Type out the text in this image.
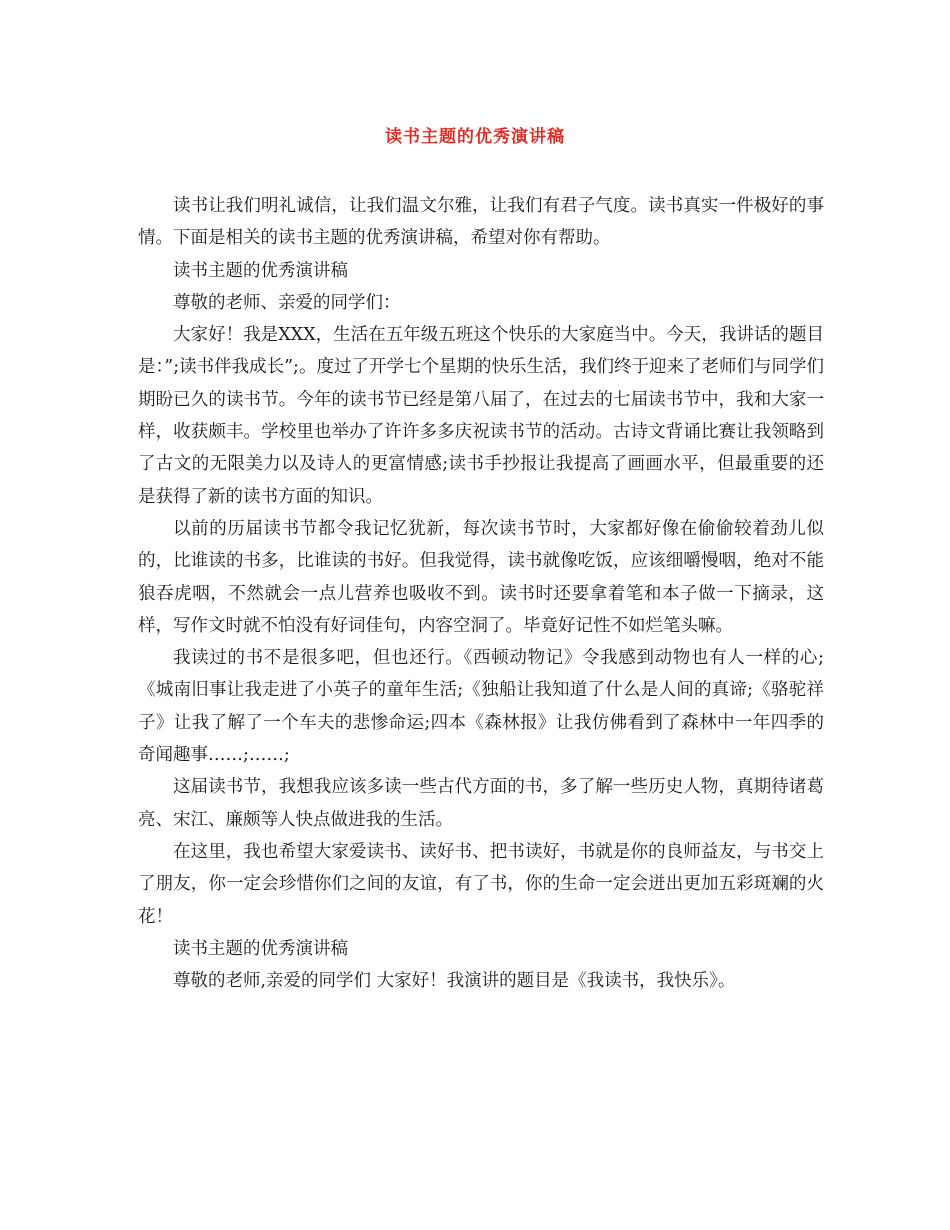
读书主题的优秀演讲稿

读书让我们明礼诚信，让我们温文尔雅，让我们有君子气度。读书真实一件极好的事情。下面是相关的读书主题的优秀演讲稿，希望对你有帮助。

读书主题的优秀演讲稿

尊敬的老师、亲爱的同学们：

大家好！我是XXX，生活在五年级五班这个快乐的大家庭当中。今天，我讲话的题目是：”;读书伴我成长”;。度过了开学七个星期的快乐生活，我们终于迎来了老师们与同学们期盼已久的读书节。今年的读书节已经是第八届了，在过去的七届读书节中，我和大家一样，收获颇丰。学校里也举办了许许多多庆祝读书节的活动。古诗文背诵比赛让我领略到了古文的无限美力以及诗人的更富情感;读书手抄报让我提高了画画水平，但最重要的还是获得了新的读书方面的知识。

以前的历届读书节都令我记忆犹新，每次读书节时，大家都好像在偷偷较着劲儿似的，比谁读的书多，比谁读的书好。但我觉得，读书就像吃饭，应该细嚼慢咽，绝对不能狼吞虎咽，不然就会一点儿营养也吸收不到。读书时还要拿着笔和本子做一下摘录，这样，写作文时就不怕没有好词佳句，内容空洞了。毕竟好记性不如烂笔头嘛。

我读过的书不是很多吧，但也还行。《西顿动物记》令我感到动物也有人一样的心;《城南旧事让我走进了小英子的童年生活;《独船让我知道了什么是人间的真谛;《骆驼祥子》让我了解了一个车夫的悲惨命运;四本《森林报》让我仿佛看到了森林中一年四季的奇闻趣事……;……;

这届读书节，我想我应该多读一些古代方面的书，多了解一些历史人物，真期待诸葛亮、宋江、廉颇等人快点做进我的生活。

在这里，我也希望大家爱读书、读好书、把书读好，书就是你的良师益友，与书交上了朋友，你一定会珍惜你们之间的友谊，有了书，你的生命一定会迸出更加五彩斑斓的火花！

读书主题的优秀演讲稿

尊敬的老师,亲爱的同学们 大家好！我演讲的题目是《我读书，我快乐》。
